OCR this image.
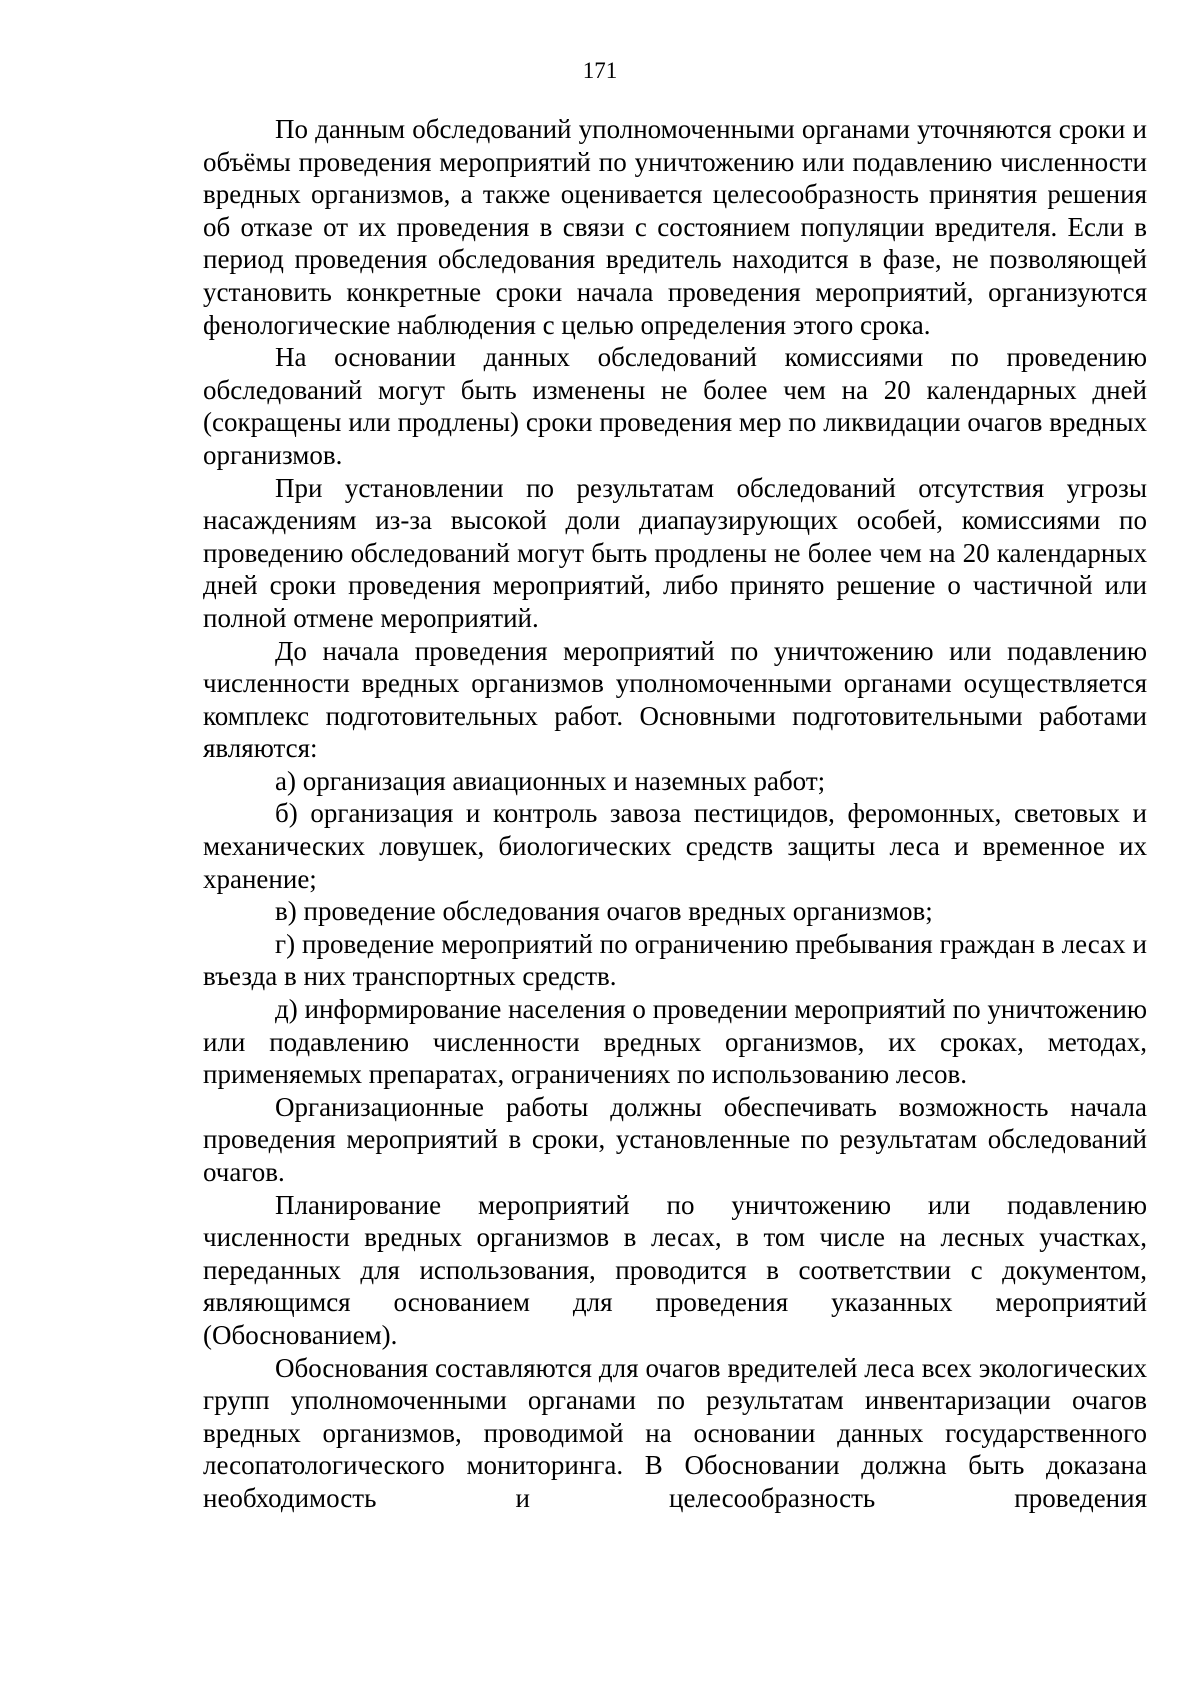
171

По данным обследований уполномоченными органами уточняются сроки и объёмы проведения мероприятий по уничтожению или подавлению численности вредных организмов, а также оценивается целесообразность принятия решения об отказе от их проведения в связи с состоянием популяции вредителя. Если в период проведения обследования вредитель находится в фазе, не позволяющей установить конкретные сроки начала проведения мероприятий, организуются фенологические наблюдения с целью определения этого срока.

На основании данных обследований комиссиями по проведению обследований могут быть изменены не более чем на 20 календарных дней (сокращены или продлены) сроки проведения мер по ликвидации очагов вредных организмов.

При установлении по результатам обследований отсутствия угрозы насаждениям из-за высокой доли диапаузирующих особей, комиссиями по проведению обследований могут быть продлены не более чем на 20 календарных дней сроки проведения мероприятий, либо принято решение о частичной или полной отмене мероприятий.

До начала проведения мероприятий по уничтожению или подавлению численности вредных организмов уполномоченными органами осуществляется комплекс подготовительных работ. Основными подготовительными работами являются:

а) организация авиационных и наземных работ;

б) организация и контроль завоза пестицидов, феромонных, световых и механических ловушек, биологических средств защиты леса и временное их хранение;

в) проведение обследования очагов вредных организмов;

г) проведение мероприятий по ограничению пребывания граждан в лесах и въезда в них транспортных средств.

д) информирование населения о проведении мероприятий по уничтожению или подавлению численности вредных организмов, их сроках, методах, применяемых препаратах, ограничениях по использованию лесов.

Организационные работы должны обеспечивать возможность начала проведения мероприятий в сроки, установленные по результатам обследований очагов.

Планирование мероприятий по уничтожению или подавлению численности вредных организмов в лесах, в том числе на лесных участках, переданных для использования, проводится в соответствии с документом, являющимся основанием для проведения указанных мероприятий (Обоснованием).

Обоснования составляются для очагов вредителей леса всех экологических групп уполномоченными органами по результатам инвентаризации очагов вредных организмов, проводимой на основании данных государственного лесопатологического мониторинга. В Обосновании должна быть доказана необходимость и целесообразность проведения
